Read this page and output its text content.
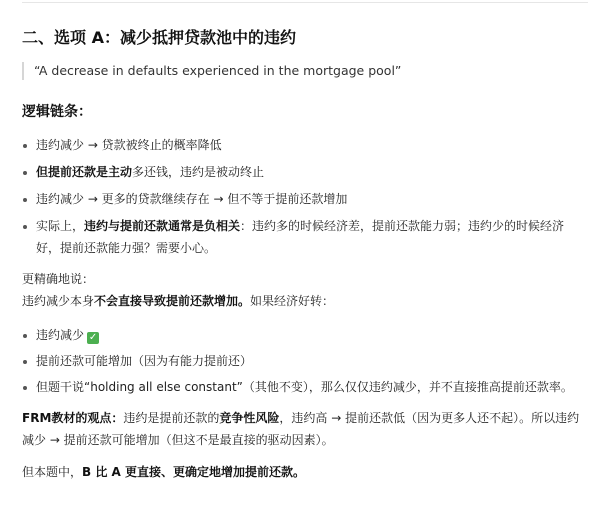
二、选项 A：减少抵押贷款池中的违约
“A decrease in defaults experienced in the mortgage pool”
逻辑链条：
违约减少 → 贷款被终止的概率降低
但提前还款是主动多还钱，违约是被动终止
违约减少 → 更多的贷款继续存在 → 但不等于提前还款增加
实际上，违约与提前还款通常是负相关：违约多的时候经济差，提前还款能力弱；违约少的时候经济好，提前还款能力强？需要小心。

更精确地说：

违约减少本身不会直接导致提前还款增加。如果经济好转：

违约减少 ✓
提前还款可能增加（因为有能力提前还）
但题干说“holding all else constant”（其他不变），那么仅仅违约减少，并不直接推高提前还款率。

FRM教材的观点：违约是提前还款的竞争性风险，违约高 → 提前还款低（因为更多人还不起）。所以违约减少 → 提前还款可能增加（但这不是最直接的驱动因素）。

但本题中，B 比 A 更直接、更确定地增加提前还款。
